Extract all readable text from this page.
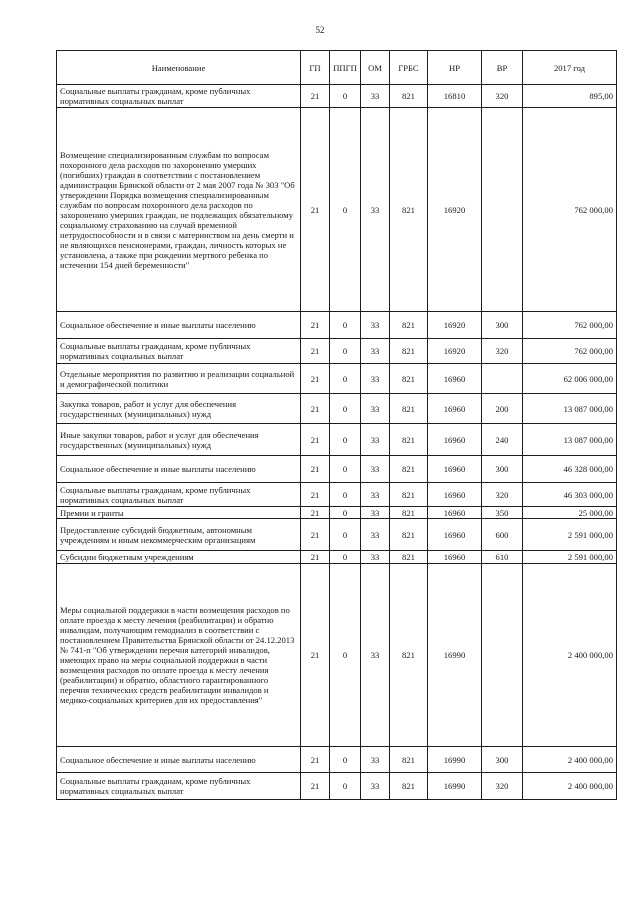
52
Наименование	ГП	ППГП	ОМ	ГРБС	НР	ВР	2017 год
Социальные выплаты гражданам, кроме публичных нормативных социальных выплат	21	0	33	821	16810	320	895,00
Возмещение специализированным службам по вопросам похоронного дела расходов по захоронению умерших (погибших) граждан в соответствии с постановлением администрации Брянской области от 2 мая 2007 года № 303 "Об утверждении Порядка возмещения специализированным службам по вопросам похоронного дела расходов по захоронению умерших граждан, не подлежащих обязательному социальному страхованию на случай временной нетрудоспособности и в связи с материнством на день смерти и не являющихся пенсионерами, граждан, личность которых не установлена, а также при рождении мертвого ребенка по истечении 154 дней беременности"	21	0	33	821	16920		762 000,00
Социальное обеспечение и иные выплаты населению	21	0	33	821	16920	300	762 000,00
Социальные выплаты гражданам, кроме публичных нормативных социальных выплат	21	0	33	821	16920	320	762 000,00
Отдельные мероприятия по развитию и реализации социальной и демографической политики	21	0	33	821	16960		62 006 000,00
Закупка товаров, работ и услуг для обеспечения государственных (муниципальных) нужд	21	0	33	821	16960	200	13 087 000,00
Иные закупки товаров, работ и услуг для обеспечения государственных (муниципальных) нужд	21	0	33	821	16960	240	13 087 000,00
Социальное обеспечение и иные выплаты населению	21	0	33	821	16960	300	46 328 000,00
Социальные выплаты гражданам, кроме публичных нормативных социальных выплат	21	0	33	821	16960	320	46 303 000,00
Премии и гранты	21	0	33	821	16960	350	25 000,00
Предоставление субсидий бюджетным, автономным учреждениям и иным некоммерческим организациям	21	0	33	821	16960	600	2 591 000,00
Субсидии бюджетным учреждениям	21	0	33	821	16960	610	2 591 000,00
Меры социальной поддержки в части возмещения расходов по оплате проезда к месту лечения (реабилитации) и обратно инвалидам, получающим гемодиализ в соответствии с постановлением Правительства Брянской области от 24.12.2013 № 741-п "Об утверждении перечня категорий инвалидов, имеющих право на меры социальной поддержки в части возмещения расходов по оплате проезда к месту лечения (реабилитации) и обратно, областного гарантированного перечня технических средств реабилитации инвалидов и медико-социальных критериев для их предоставления"	21	0	33	821	16990		2 400 000,00
Социальное обеспечение и иные выплаты населению	21	0	33	821	16990	300	2 400 000,00
Социальные выплаты гражданам, кроме публичных нормативных социальных выплат	21	0	33	821	16990	320	2 400 000,00
